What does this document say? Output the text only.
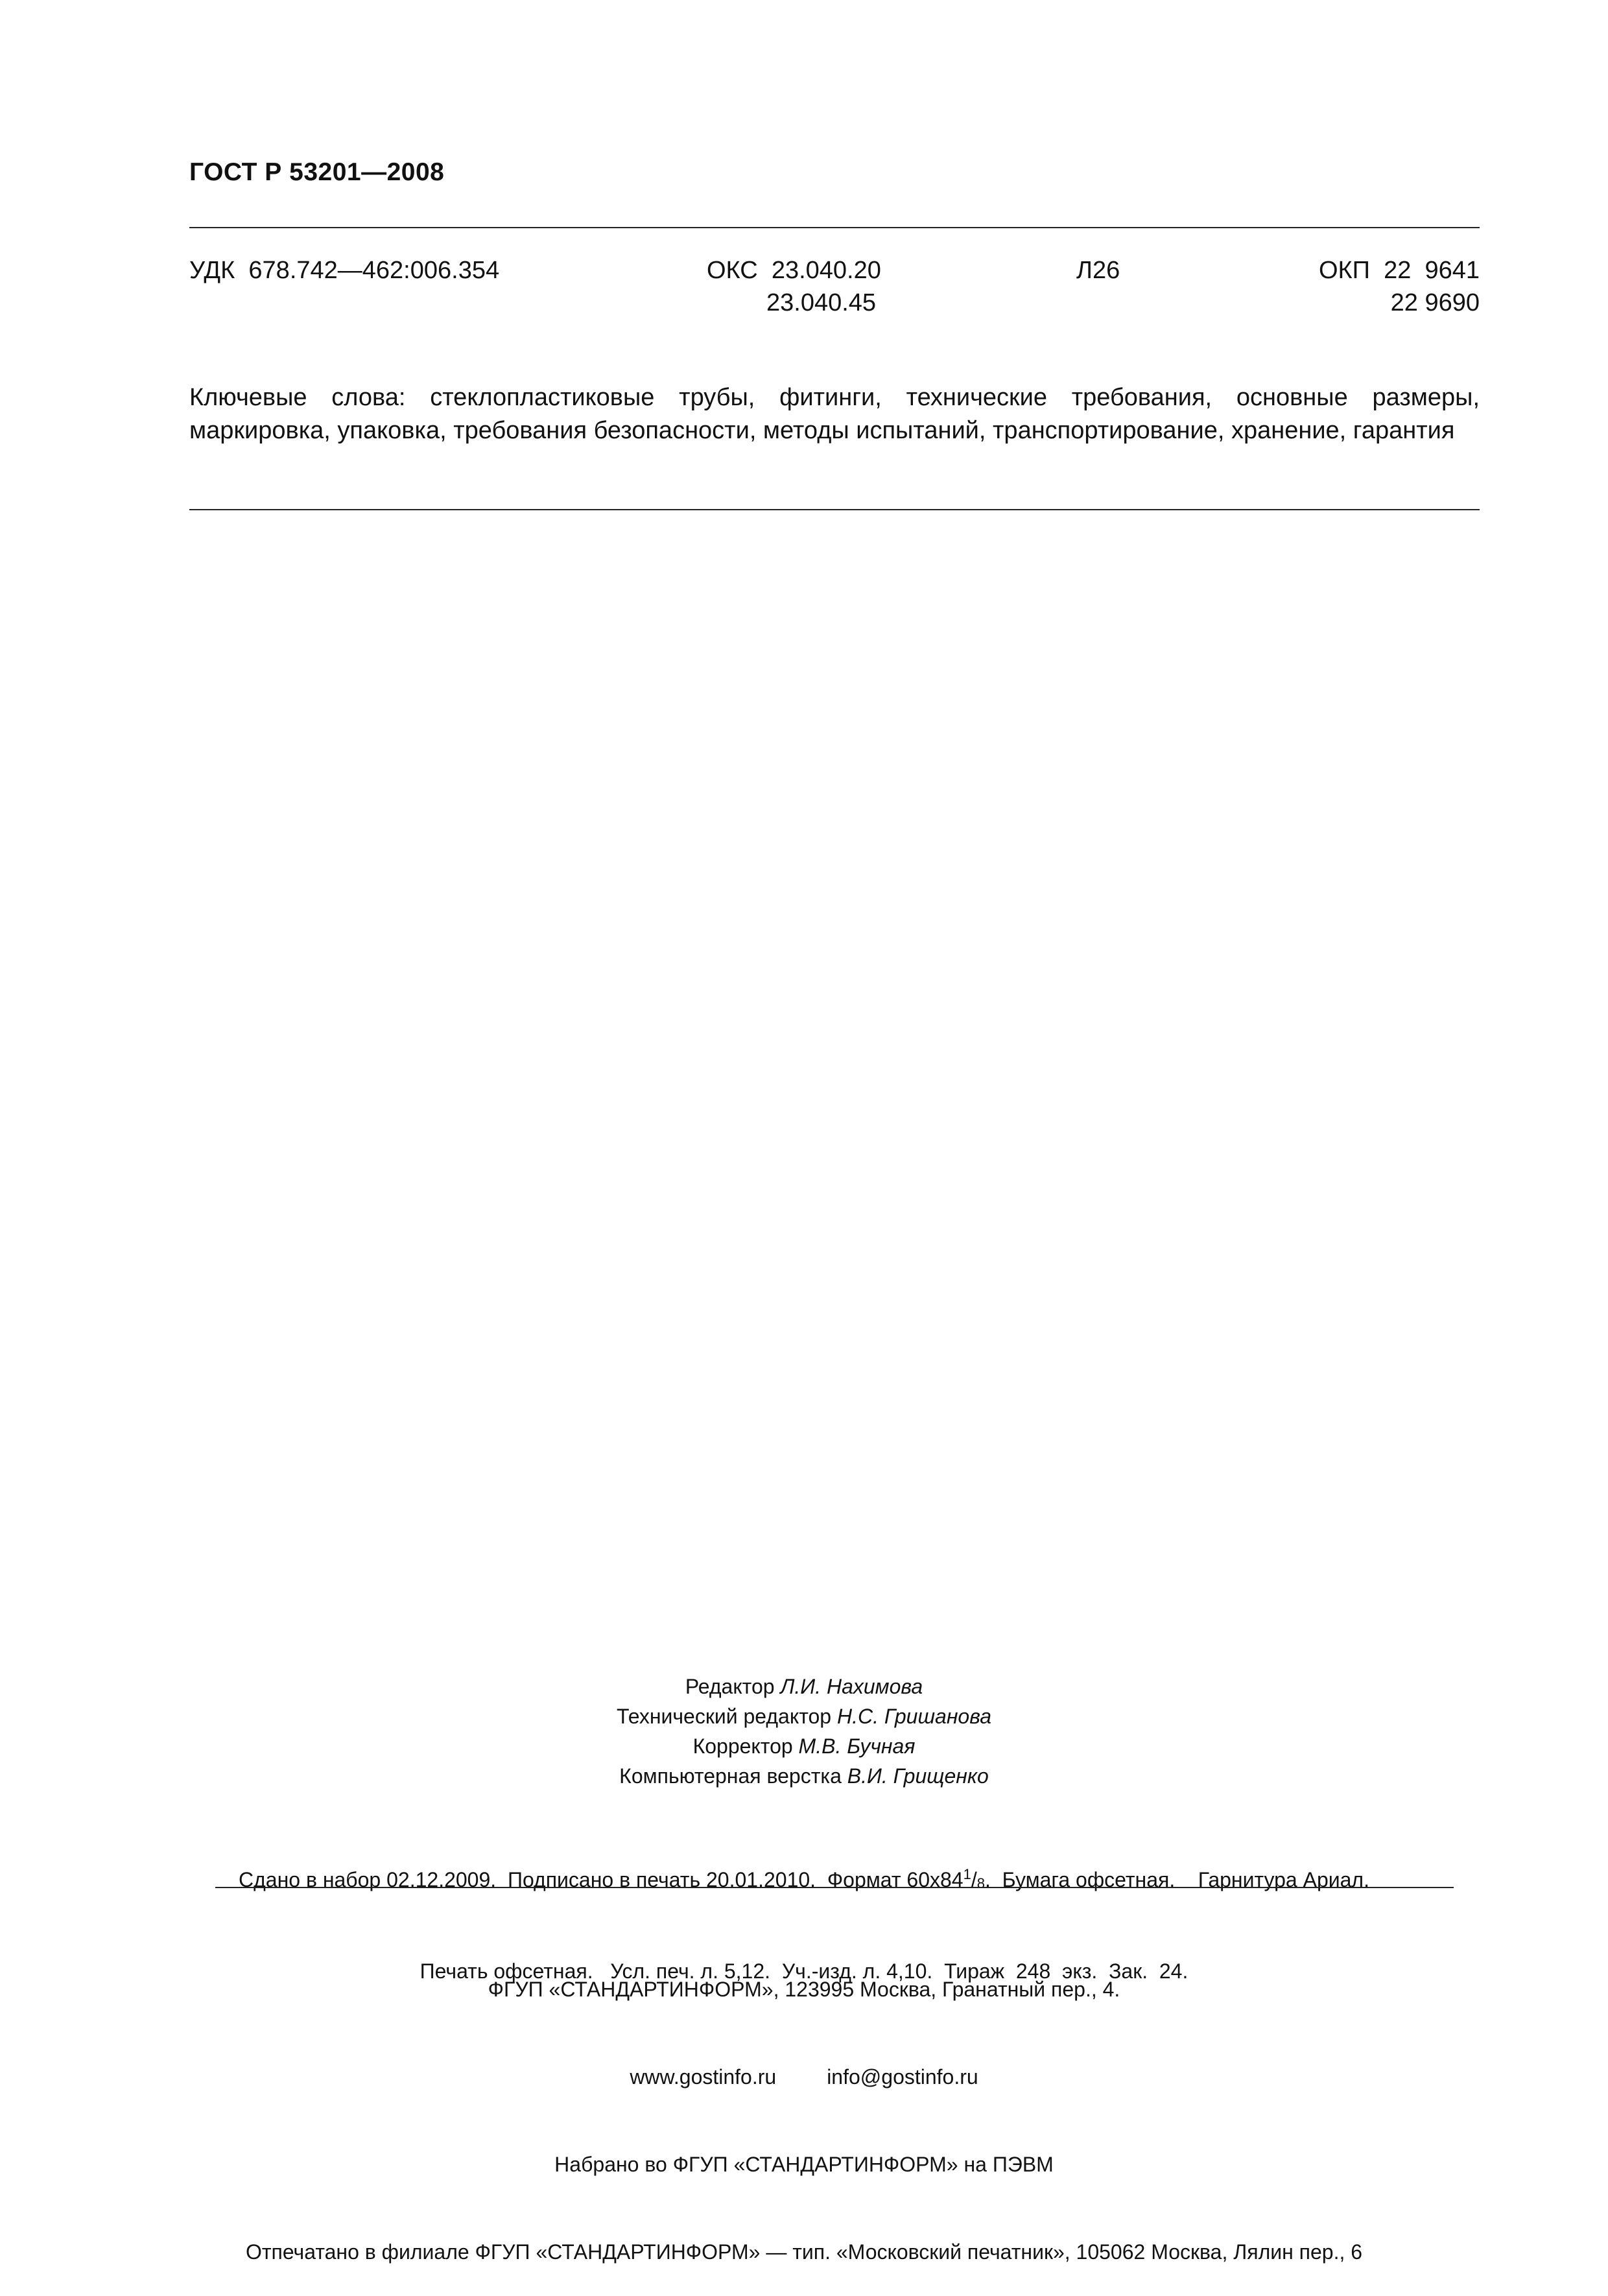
ГОСТ Р 53201—2008
УДК  678.742—462:006.354	ОКС  23.040.20
23.040.45
Л26	ОКП  22  9641
22 9690
Ключевые слова: стеклопластиковые трубы, фитинги, технические требования, основные размеры, маркировка, упаковка, требования безопасности, методы испытаний, транспортирование, хранение, гарантия
Редактор Л.И. Нахимова
Технический редактор Н.С. Гришанова
Корректор М.В. Бучная
Компьютерная верстка В.И. Грищенко

Сдано в набор 02.12.2009.  Подписано в печать 20.01.2010.  Формат $60x84^1/_8$.  Бумага офсетная.    Гарнитура Ариал.

Печать офсетная.   Усл. печ. л. 5,12.  Уч.-изд. л. 4,10.  Тираж  248  экз.  Зак.  24.

ФГУП «СТАНДАРТИНФОРМ», 123995 Москва, Гранатный пер., 4.

www.gostinfo.ru info@gostinfo.ru

Набрано во ФГУП «СТАНДАРТИНФОРМ» на ПЭВМ

Отпечатано в филиале ФГУП «СТАНДАРТИНФОРМ» — тип. «Московский печатник», 105062 Москва, Лялин пер., 6
